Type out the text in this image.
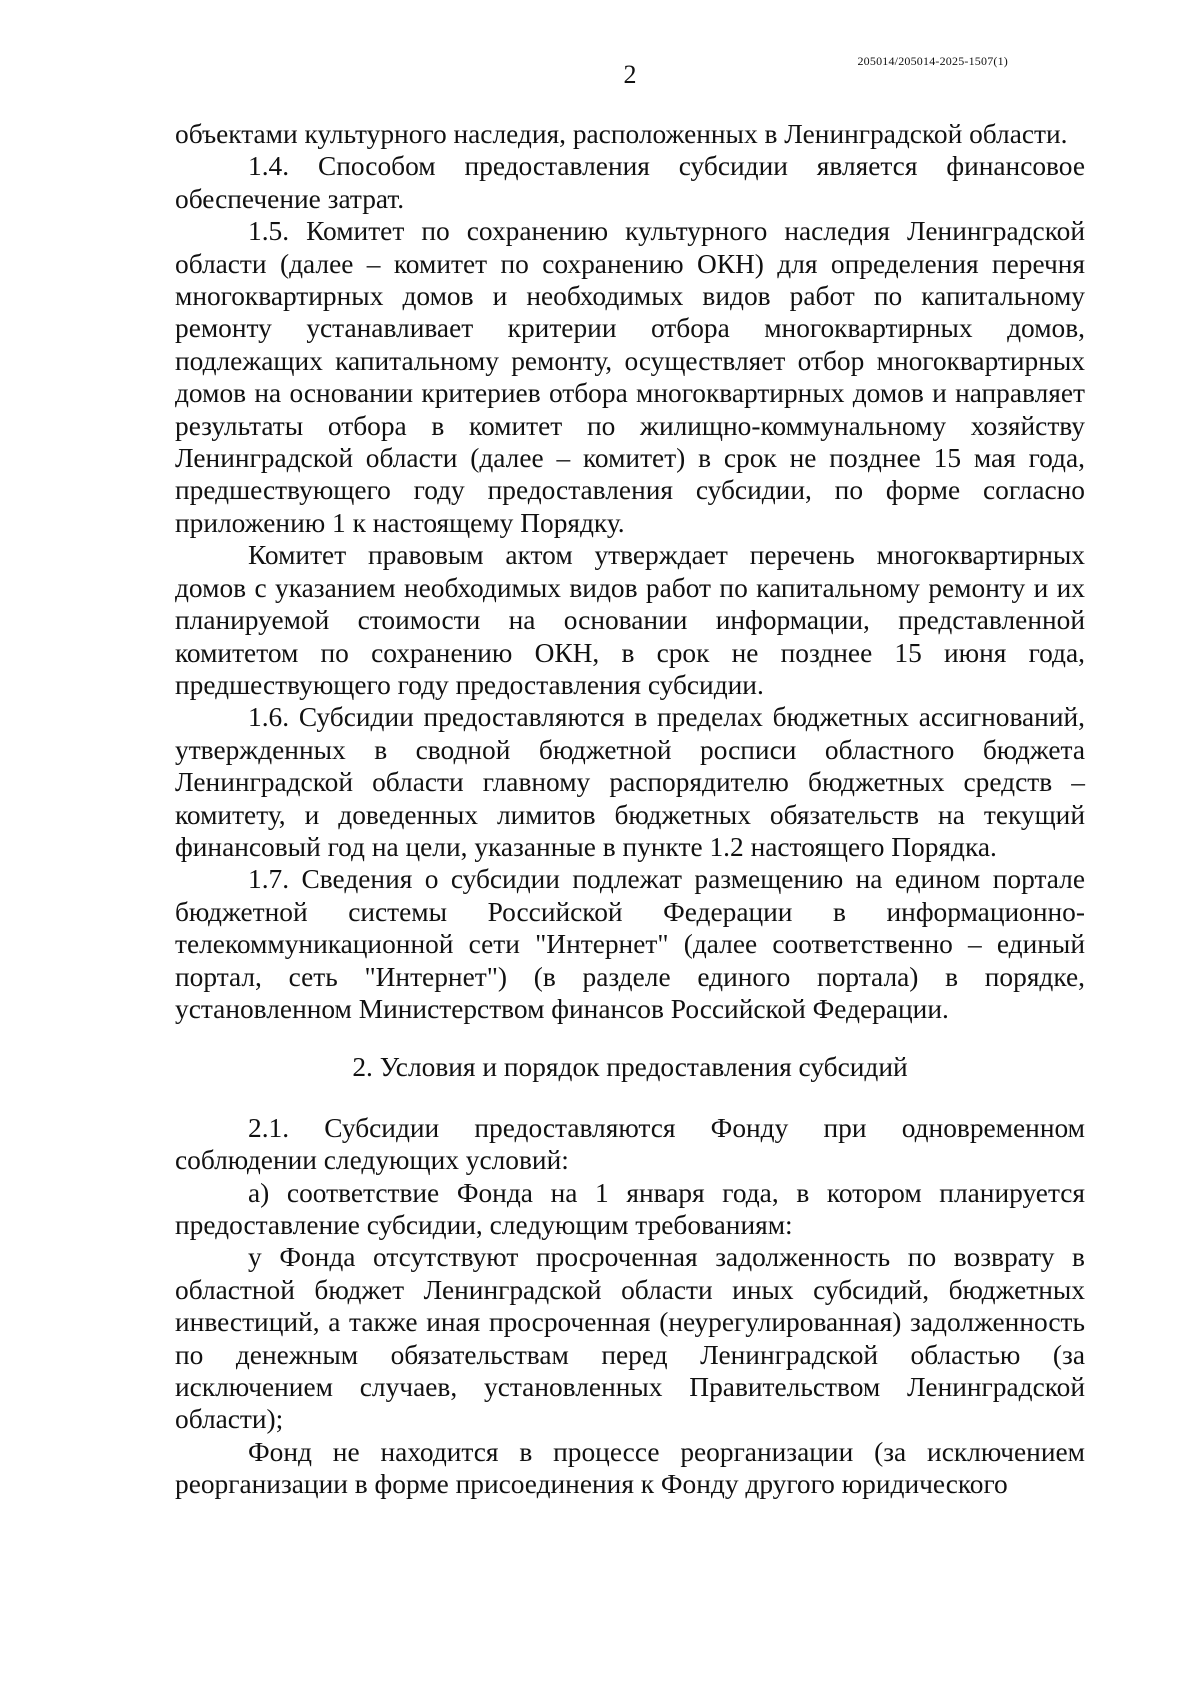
205014/205014-2025-1507(1)
2

объектами культурного наследия, расположенных в Ленинградской области.

1.4. Способом предоставления субсидии является финансовое обеспечение затрат.

1.5. Комитет по сохранению культурного наследия Ленинградской области (далее – комитет по сохранению ОКН) для определения перечня многоквартирных домов и необходимых видов работ по капитальному ремонту устанавливает критерии отбора многоквартирных домов, подлежащих капитальному ремонту, осуществляет отбор многоквартирных домов на основании критериев отбора многоквартирных домов и направляет результаты отбора в комитет по жилищно-коммунальному хозяйству Ленинградской области (далее – комитет) в срок не позднее 15 мая года, предшествующего году предоставления субсидии, по форме согласно приложению 1 к настоящему Порядку.

Комитет правовым актом утверждает перечень многоквартирных домов с указанием необходимых видов работ по капитальному ремонту и их планируемой стоимости на основании информации, представленной комитетом по сохранению ОКН, в срок не позднее 15 июня года, предшествующего году предоставления субсидии.

1.6. Субсидии предоставляются в пределах бюджетных ассигнований, утвержденных в сводной бюджетной росписи областного бюджета Ленинградской области главному распорядителю бюджетных средств – комитету, и доведенных лимитов бюджетных обязательств на текущий финансовый год на цели, указанные в пункте 1.2 настоящего Порядка.

1.7. Сведения о субсидии подлежат размещению на едином портале бюджетной системы Российской Федерации в информационно-телекоммуникационной сети "Интернет" (далее соответственно – единый портал, сеть "Интернет") (в разделе единого портала) в порядке, установленном Министерством финансов Российской Федерации.

2. Условия и порядок предоставления субсидий

2.1. Субсидии предоставляются Фонду при одновременном соблюдении следующих условий:

а) соответствие Фонда на 1 января года, в котором планируется предоставление субсидии, следующим требованиям:

у Фонда отсутствуют просроченная задолженность по возврату в областной бюджет Ленинградской области иных субсидий, бюджетных инвестиций, а также иная просроченная (неурегулированная) задолженность по денежным обязательствам перед Ленинградской областью (за исключением случаев, установленных Правительством Ленинградской области);

Фонд не находится в процессе реорганизации (за исключением реорганизации в форме присоединения к Фонду другого юридического
